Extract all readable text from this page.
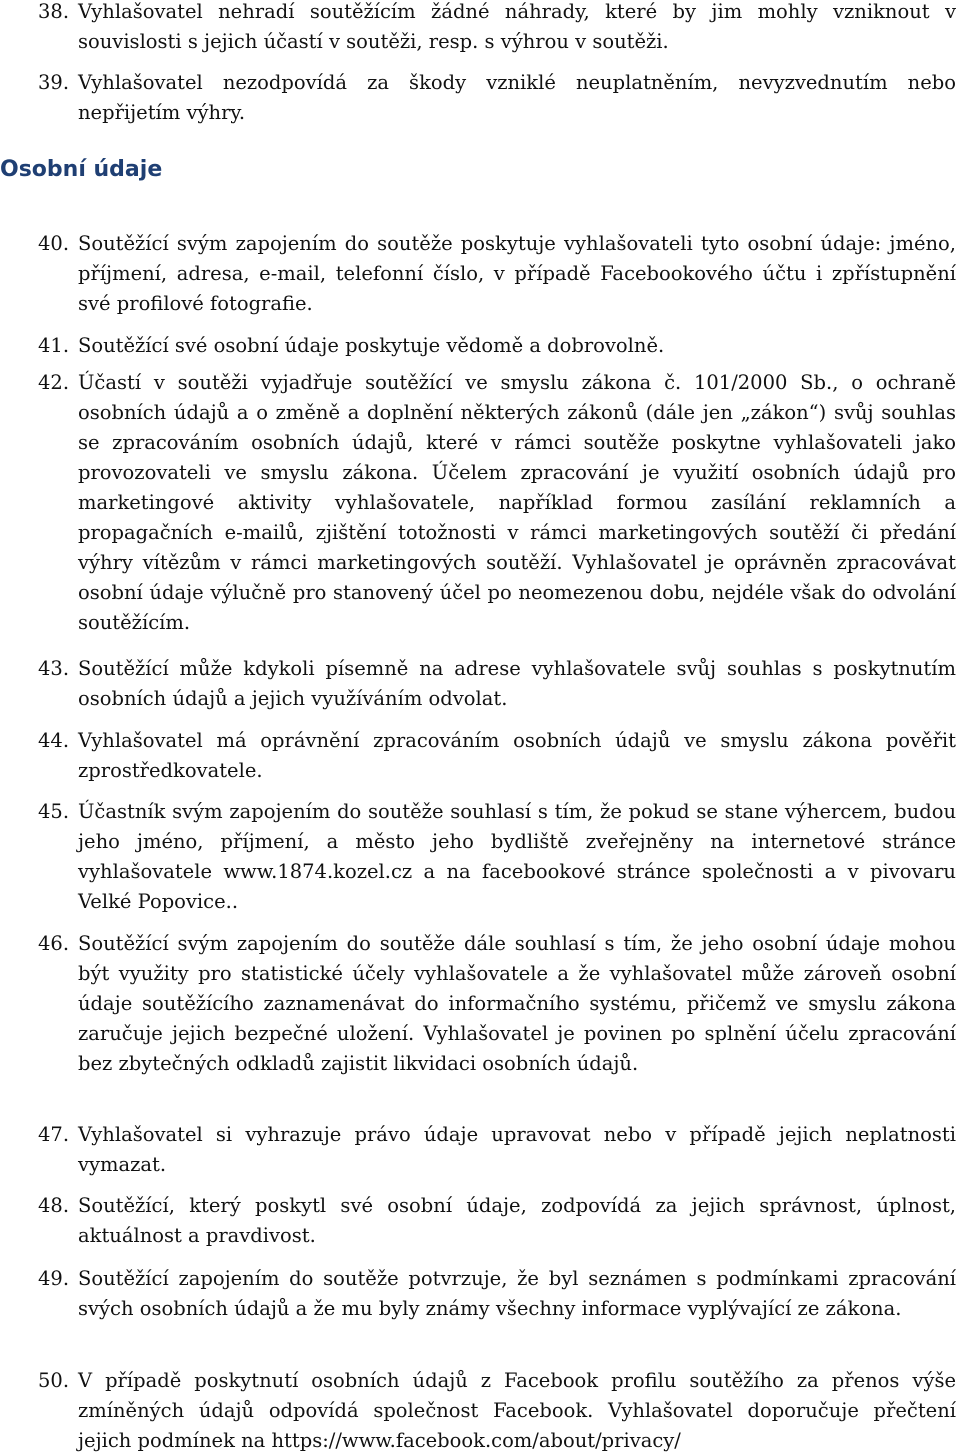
38. Vyhlašovatel nehradí soutěžícím žádné náhrady, které by jim mohly vzniknout v souvislosti s jejich účastí v soutěži, resp. s výhrou v soutěži.
39. Vyhlašovatel nezodpovídá za škody vzniklé neuplatněním, nevyzvednutím nebo nepřijetím výhry.
Osobní údaje
40. Soutěžící svým zapojením do soutěže poskytuje vyhlašovateli tyto osobní údaje: jméno, příjmení, adresa, e-mail, telefonní číslo, v případě Facebookového účtu i zpřístupnění své profilové fotografie.
41. Soutěžící své osobní údaje poskytuje vědomě a dobrovolně.
42. Účastí v soutěži vyjadřuje soutěžící ve smyslu zákona č. 101/2000 Sb., o ochraně osobních údajů a o změně a doplnění některých zákonů (dále jen „zákon“) svůj souhlas se zpracováním osobních údajů, které v rámci soutěže poskytne vyhlašovateli jako provozovateli ve smyslu zákona. Účelem zpracování je využití osobních údajů pro marketingové aktivity vyhlašovatele, například formou zasílání reklamních a propagačních e-mailů, zjištění totožnosti v rámci marketingových soutěží či předání výhry vítězům v rámci marketingových soutěží. Vyhlašovatel je oprávněn zpracovávat osobní údaje výlučně pro stanovený účel po neomezenou dobu, nejdéle však do odvolání soutěžícím.
43. Soutěžící může kdykoli písemně na adrese vyhlašovatele svůj souhlas s poskytnutím osobních údajů a jejich využíváním odvolat.
44. Vyhlašovatel má oprávnění zpracováním osobních údajů ve smyslu zákona pověřit zprostředkovatele.
45. Účastník svým zapojením do soutěže souhlasí s tím, že pokud se stane výhercem, budou jeho jméno, příjmení, a město jeho bydliště zveřejněny na internetové stránce vyhlašovatele www.1874.kozel.cz a na facebookové stránce společnosti a v pivovaru Velké Popovice..
46. Soutěžící svým zapojením do soutěže dále souhlasí s tím, že jeho osobní údaje mohou být využity pro statistické účely vyhlašovatele a že vyhlašovatel může zároveň osobní údaje soutěžícího zaznamenávat do informačního systému, přičemž ve smyslu zákona zaručuje jejich bezpečné uložení. Vyhlašovatel je povinen po splnění účelu zpracování bez zbytečných odkladů zajistit likvidaci osobních údajů.
47. Vyhlašovatel si vyhrazuje právo údaje upravovat nebo v případě jejich neplatnosti vymazat.
48. Soutěžící, který poskytl své osobní údaje, zodpovídá za jejich správnost, úplnost, aktuálnost a pravdivost.
49. Soutěžící zapojením do soutěže potvrzuje, že byl seznámen s podmínkami zpracování svých osobních údajů a že mu byly známy všechny informace vyplývající ze zákona.
50. V případě poskytnutí osobních údajů z Facebook profilu soutěžího za přenos výše zmíněných údajů odpovídá společnost Facebook. Vyhlašovatel doporučuje přečtení jejich podmínek na https://www.facebook.com/about/privacy/
